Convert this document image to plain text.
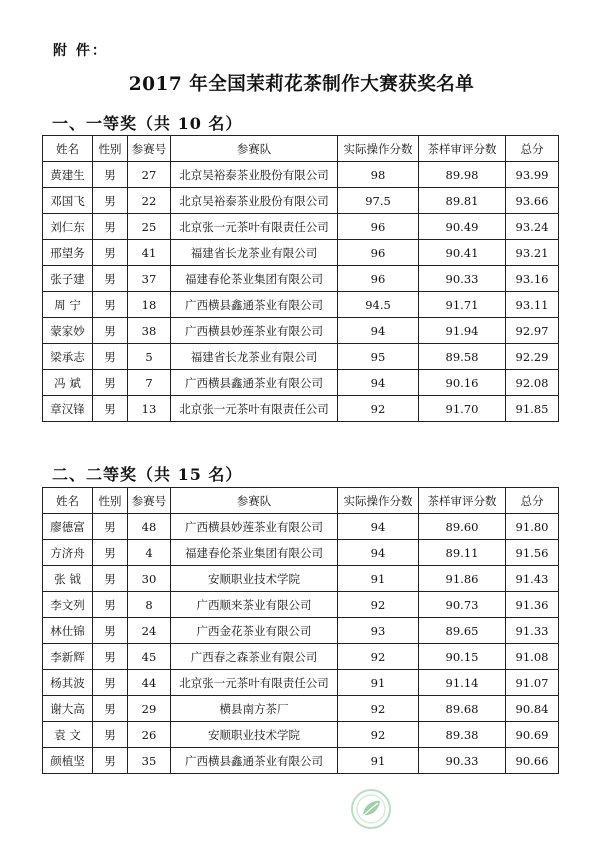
附 件：
2017 年全国茉莉花茶制作大赛获奖名单
一、一等奖（共 10 名）
姓名	性别	参赛号	参赛队	实际操作分数	茶样审评分数	总分
黄建生	男	27	北京吴裕泰茶业股份有限公司	98	89.98	93.99
邓国飞	男	22	北京吴裕泰茶业股份有限公司	97.5	89.81	93.66
刘仁东	男	25	北京张一元茶叶有限责任公司	96	90.49	93.24
邢望务	男	41	福建省长龙茶业有限公司	96	90.41	93.21
张子建	男	37	福建春伦茶业集团有限公司	96	90.33	93.16
周 宁	男	18	广西横县鑫通茶业有限公司	94.5	91.71	93.11
蒙家妙	男	38	广西横县妙莲茶业有限公司	94	91.94	92.97
梁承志	男	5	福建省长龙茶业有限公司	95	89.58	92.29
冯 斌	男	7	广西横县鑫通茶业有限公司	94	90.16	92.08
章汉锋	男	13	北京张一元茶叶有限责任公司	92	91.70	91.85
二、二等奖（共 15 名）
姓名	性别	参赛号	参赛队	实际操作分数	茶样审评分数	总分
廖德富	男	48	广西横县妙莲茶业有限公司	94	89.60	91.80
方济舟	男	4	福建春伦茶业集团有限公司	94	89.11	91.56
张 钺	男	30	安顺职业技术学院	91	91.86	91.43
李文列	男	8	广西顺来茶业有限公司	92	90.73	91.36
林仕锦	男	24	广西金花茶业有限公司	93	89.65	91.33
李新辉	男	45	广西春之森茶业有限公司	92	90.15	91.08
杨其波	男	44	北京张一元茶叶有限责任公司	91	91.14	91.07
谢大高	男	29	横县南方茶厂	92	89.68	90.84
袁 文	男	26	安顺职业技术学院	92	89.38	90.69
颜植坚	男	35	广西横县鑫通茶业有限公司	91	90.33	90.66
